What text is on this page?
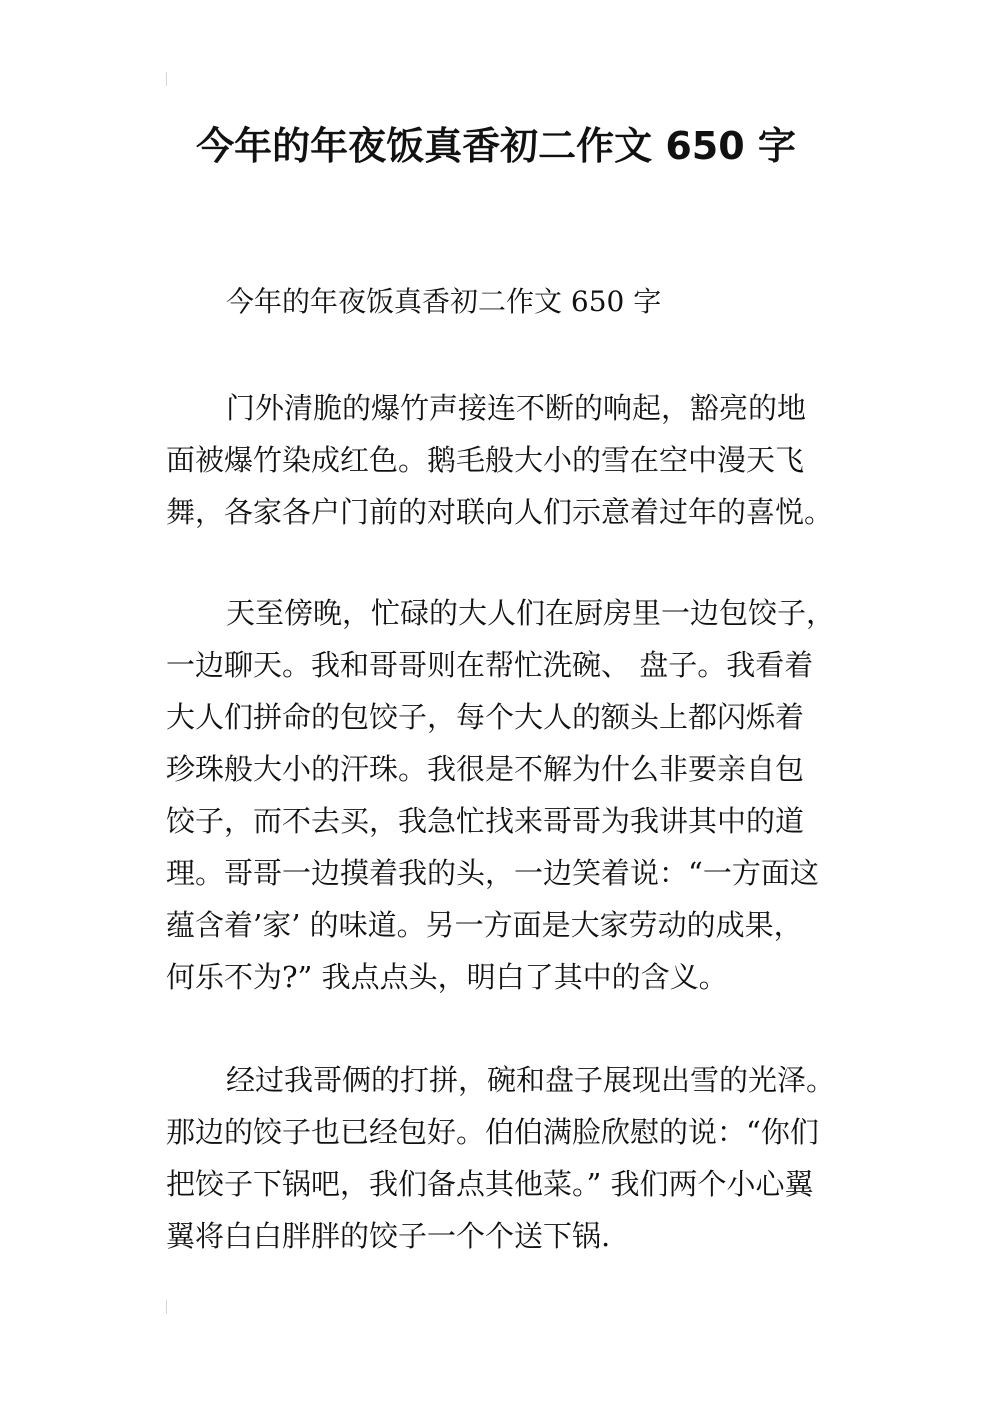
今年的年夜饭真香初二作文 650 字

今年的年夜饭真香初二作文 650 字

门外清脆的爆竹声接连不断的响起，豁亮的地
面被爆竹染成红色。鹅毛般大小的雪在空中漫天飞
舞，各家各户门前的对联向人们示意着过年的喜悦。
天至傍晚，忙碌的大人们在厨房里一边包饺子，
一边聊天。我和哥哥则在帮忙洗碗、 盘子。我看着
大人们拼命的包饺子，每个大人的额头上都闪烁着
珍珠般大小的汗珠。我很是不解为什么非要亲自包
饺子，而不去买，我急忙找来哥哥为我讲其中的道
理。哥哥一边摸着我的头，一边笑着说：“一方面这
蕴含着’家’ 的味道。另一方面是大家劳动的成果，
何乐不为?” 我点点头，明白了其中的含义。
经过我哥俩的打拼，碗和盘子展现出雪的光泽。
那边的饺子也已经包好。伯伯满脸欣慰的说：“你们
把饺子下锅吧，我们备点其他菜。” 我们两个小心翼
翼将白白胖胖的饺子一个个送下锅.
